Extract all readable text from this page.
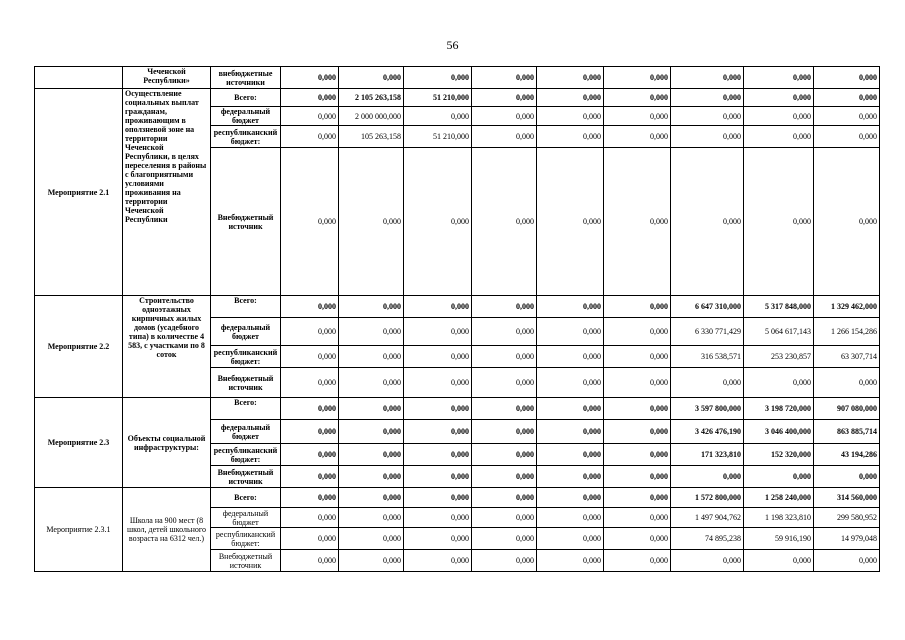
56
	Чеченской Республики»	внебюджетные источники	0,000	0,000	0,000	0,000	0,000	0,000	0,000	0,000	0,000
Мероприятие 2.1	Осуществление социальных выплат гражданам, проживающим в оползневой зоне на территории Чеченской Республики, в целях переселения в районы с благоприятными условиями проживания на территории Чеченской Республики	Всего:	0,000	2 105 263,158	51 210,000	0,000	0,000	0,000	0,000	0,000	0,000
		федеральный бюджет	0,000	2 000 000,000	0,000	0,000	0,000	0,000	0,000	0,000	0,000
		республиканский бюджет:	0,000	105 263,158	51 210,000	0,000	0,000	0,000	0,000	0,000	0,000
		Внебюджетный источник	0,000	0,000	0,000	0,000	0,000	0,000	0,000	0,000	0,000
Мероприятие 2.2	Строительство одноэтажных кирпичных жилых домов (усадебного типа) в количестве 4 583, с участками по 8 соток	Всего:	0,000	0,000	0,000	0,000	0,000	0,000	6 647 310,000	5 317 848,000	1 329 462,000
		федеральный бюджет	0,000	0,000	0,000	0,000	0,000	0,000	6 330 771,429	5 064 617,143	1 266 154,286
		республиканский бюджет:	0,000	0,000	0,000	0,000	0,000	0,000	316 538,571	253 230,857	63 307,714
		Внебюджетный источник	0,000	0,000	0,000	0,000	0,000	0,000	0,000	0,000	0,000
Мероприятие 2.3	Объекты социальной инфраструктуры:	Всего:	0,000	0,000	0,000	0,000	0,000	0,000	3 597 800,000	3 198 720,000	907 080,000
		федеральный бюджет	0,000	0,000	0,000	0,000	0,000	0,000	3 426 476,190	3 046 400,000	863 885,714
		республиканский бюджет:	0,000	0,000	0,000	0,000	0,000	0,000	171 323,810	152 320,000	43 194,286
		Внебюджетный источник	0,000	0,000	0,000	0,000	0,000	0,000	0,000	0,000	0,000
Мероприятие 2.3.1	Школа на 900 мест (8 школ, детей школьного возраста на 6312 чел.)	Всего:	0,000	0,000	0,000	0,000	0,000	0,000	1 572 800,000	1 258 240,000	314 560,000
		федеральный бюджет	0,000	0,000	0,000	0,000	0,000	0,000	1 497 904,762	1 198 323,810	299 580,952
		республиканский бюджет:	0,000	0,000	0,000	0,000	0,000	0,000	74 895,238	59 916,190	14 979,048
		Внебюджетный источник	0,000	0,000	0,000	0,000	0,000	0,000	0,000	0,000	0,000
